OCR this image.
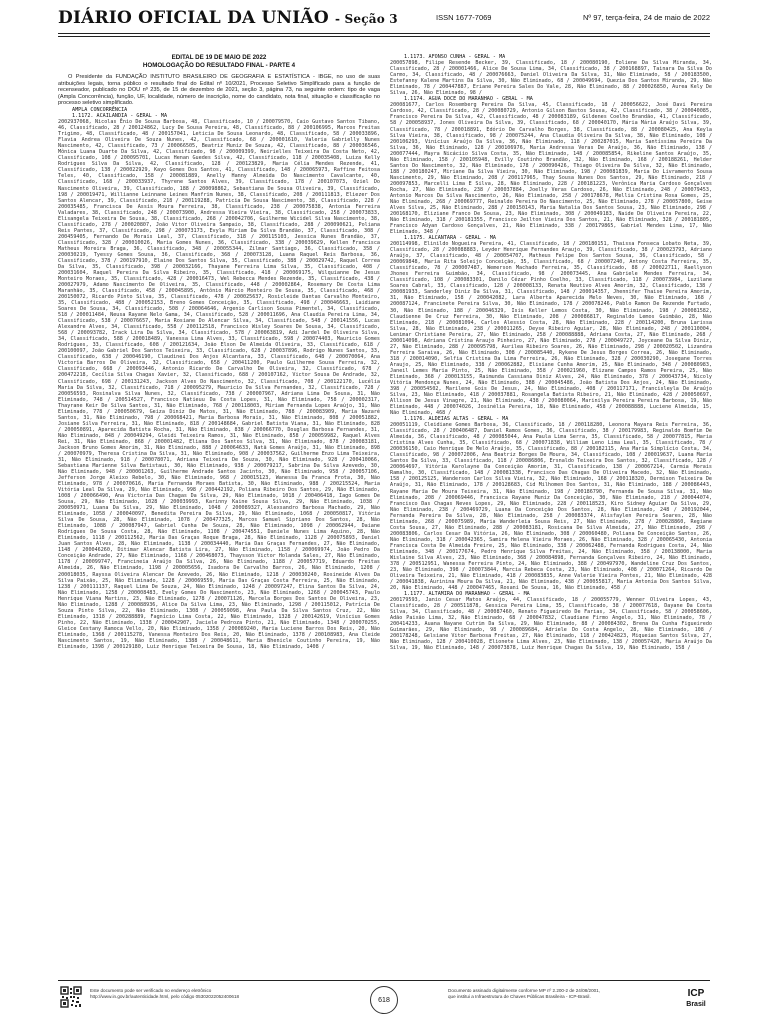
DIÁRIO OFICIAL DA UNIÃO - Seção 3	ISSN 1677-7069	Nº 97, terça-feira, 24 de maio de 2022
EDITAL DE 19 DE MAIO DE 2022
HOMOLOGAÇÃO DO RESULTADO FINAL - PARTE 4

O Presidente da FUNDAÇÃO INSTITUTO BRASILEIRO DE GEOGRAFIA E ESTATÍSTICA - IBGE, no uso de suas atribuições legais, torna público o resultado final do Edital nº 10/2021, Processo Seletivo Simplificado para a função de recenseador, publicado no DOU nº 235, de 15 de dezembro de 2021, seção 3, página 73, na seguinte ordem: tipo de vaga (Ampla Concorrência), função, UF, localidade, número de inscrição, nome do candidato, nota final, situação e classificação no processo seletivo simplificado.

AMPLA CONCORRÊNCIA
1.1172. ACAILANDIA - GERAL - MA

2002937068, Nicolas Ênio De Sousa Barbosa, 48, Classificado, 10 / 200079570, Caio Gustavo Santos Tibano, 46, Classificado, 28 / 200124862, Lucy De Sousa Pereira, 48, Classificado, 88 / 200106995, Marcos Freitas Trigimo, 48, Classificado, 48 / 200157041, Leticia De Sousa Leonardo, 48, Classificado, 58 / 200033896, Flavia Andrea Oliveira De Souza Nunes, 42, Classificado, 68 / 200001610, Valeria Gabrielly Nunes Nascimento, 42, Classificado, 73 / 200066505, Beatriz Muniz De Souza, 42, Classificado, 88 / 200036546, Mônica Luana Duarte Da Silva, 42, Classificado, 98 / 200009399, Neirielles Teixeira Da Costa Neto, 42, Classificado, 108 / 200095701, Lucas Henan Guedes Silva, 42, Classificado, 118 / 200035408, Luiza Kelly Rodrigues Silva Da Silva, 42, Classificado, 128 / 200123829, Maria Célia Mendes Rezende, 41, Classificado, 138 / 200022929, Kayo Gomes Dos Santos, 41, Classificado, 148 / 200065973, Raffine Feitosa Teles, 40, Classificado, 158 / 200081889, Anelly Hanny Almeida Do Nascimento Cavalcante, 40, Classificado, 168 / 200033937, Thyrene Santos Alves, 39, Classificado, 178 / 200107073, Oziel Do Nascimento Oliveira, 39, Classificado, 188 / 200098862, Sebastiana De Sousa Oliveira, 39, Classificado, 198 / 200019471, Willianne Leinnane Leines Manfrim Nunes, 38, Classificado, 208 / 200111813, Eliezer Dos Santos Alencar, 39, Classificado, 218 / 200119288, Patricia De Sousa Nascimento, 38, Classificado, 228 / 200035485, Francisca De Assis Moura Ferreira, 38, Classificado, 238 / 200075838, Antonia Ferreira Valadares, 38, Classificado, 248 / 200073900, Andressa Vieira Vieira, 38, Classificado, 258 / 200073833, Elisangela Teixeira De Sousa, 38, Classificado, 268 / 200042706, Guilherme Wicidel Silva Nascimento, 38, Classificado, 278 / 200020807, João Vitor Oliveira Sampaio, 38, Classificado, 288 / 200090621, Poliana Reis Pantes, 37, Classificado, 298 / 200073173, Evyla Miriam Da Silva Brandão, 37, Classificado, 308 / 200459405, Fernando De Morais Leal, 37, Classificado, 318 / 200115103, Jessica Nunes Brandão, 37, Classificado, 328 / 200010026, Maria Gomes Nunes, 36, Classificado, 338 / 200039629, Kellen Francisca Matheus Moreira Braga, 36, Classificado, 348 / 200055344, Zilmar Santiago, 36, Classificado, 358 / 200030219, Tyessy Gomes Sousa, 36, Classificado, 368 / 200073128, Luana Raquel Reis Barbosa, 36, Classificado, 378 / 200197910, Elaine Dos Santos Silva, 35, Classificado, 388 / 200029742, Raquel Correa Da Silva, 35, Classificado, 398 / 200032166, Thayane Ferreira Lima Silva, 35, Classificado, 408 / 200031604, Raquel Pereira Da Silva Ribeiro, 35, Classificado, 418 / 200069175, Wilquianne De Jesus Monteiro Moraes, 35, Classificado, 428 / 200016473, Wel Rebecca Mendes Rezende, 35, Classificado, 438 / 200027979, Adamo Nascimento De Oliveira, 35, Classificado, 448 / 200002864, Rosemary De Costa Lima Maranhão, 35, Classificado, 458 / 200045895, Antônio Márcio Monteiro De Sousa, 35, Classificado, 468 / 200150072, Ricardo Pinto Silva, 35, Classificado, 478 / 200025637, Rosicleide Dantas Carvalho Monteiro, 35, Classificado, 488 / 200052153, Breno Gomes Conceição, 35, Classificado, 498 / 200046663, Laidiane Soares De Sousa, 34, Classificado, 508 / 200064646, Argenio Carlison Sousa Pimentel, 34, Classificado, 518 / 200011484, Neusa Rayane Nelo Gama, 34, Classificado, 528 / 200011696, Ana Claudia Pereira Lima, 34, Classificado, 538 / 200076657, Maria Rosiane Do Alencar Silva, 34, Classificado, 548 / 200141556, Lucas Alexandre Alves, 34, Classificado, 558 / 200112518, Francisco Wisley Soares De Sousa, 34, Classificado, 568 / 200093782, Irack Lira Da Silva, 34, Classificado, 578 / 200063819, Adi Jardel De Oliveira Silva, 34, Classificado, 588 / 200018489, Vanessa Lima Alves, 33, Classificado, 598 / 200074403, Mauricio Gomes Rodrigues, 33, Classificado, 608 / 200121634, João Elson De Almeida Oliveira, 33, Classificado, 618 / 200100097, João Gabriel Dos Santos Teixeira, 33, Classificado, 628 / 200037896, Rodrigo Nunes Santos, 33, Classificado, 638 / 200046190, Claudinei Dos Anjos Alcantara, 33, Classificado, 648 / 200070064, Ana Victoria Barros De Oliveira, 32, Classificado, 658 / 200411200, Paulo Guilherme Sousa Ferreira, 32, Classificado, 668 / 200093446, Antonio Ricardo De Carvalho De Oliveira, 32, Classificado, 678 / 200472218, Cecília Silva Chagas Xavier, 32, Classificado, 688 / 200107162, Victor Sousa De Andrade, 32, Classificado, 698 / 200131243, Jackson Alves Do Nascimento, 32, Classificado, 708 / 200122170, Lucélia Maria Da Silva, 32, Classificado, 718 / 200095279, Mauricio Da Silva Fernandes, 32, Classificado, 728 / 200056593, Rosinalva Silva Nunes, 32, Classificado, 738 / 200007967, Adriana Lima De Sousa, 31, Não Eliminado, 748 / 200514527, Francisco Natieuu Da Costa Lopes, 31, Não Eliminado, 758 / 200002317, Thayrane Keir De Silva Santos, 31, Não Eliminado, 768 / 200118003, Miriam Fernanda Lopes Araújo, 31, Não Eliminado, 778 / 200050679, Geiza Diniz De Matos, 31, Não Eliminado, 788 / 200083909, Maria Nazaré Santos, 31, Não Eliminado, 798 / 200068421, Maria Barbosa Morais, 31, Não Eliminado, 808 / 200051882, Josiane Silva Ferreira, 31, Não Eliminado, 818 / 200148684, Gabriel Batista Viana, 31, Não Eliminado, 828 / 200050891, Aparecida Batista Rocha, 31, Não Eliminado, 838 / 200066770, Douglas Barbosa Fernandes, 31, Não Eliminado, 848 / 200049294, Gleidi Teixeira Ramos, 31, Não Eliminado, 858 / 200059982, Raquel Alves Rei, 31, Não Eliminado, 868 / 200001482, Eliana Dos Santos Silva, 31, Não Eliminado, 878 / 200083181, Jackson Bruno Gomes Amorim, 31, Não Eliminado, 888 / 200064633, Natã Gomes Araújo, 31, Não Eliminado, 898 / 200070979, Theresa Cristina Da Silva, 31, Não Eliminado, 908 / 200037562, Guilherme Enzo Lima Teixeira, 31, Não Eliminado, 918 / 200078071, Adriana Teixeira De Souza, 30, Não Eliminado, 928 / 200410066, Sebastiana Marienne Silva Batistaui, 30, Não Eliminado, 938 / 200079217, Sabrina Da Silva Azevedo, 30, Não Eliminado, 948 / 200001263, Guilherme Andrade Santos Jacinto, 30, Não Eliminado, 958 / 200057106, Jefferson Jorge Aleixo Rebelo, 30, Não Eliminado, 968 / 200015123, Wanessa Da Franca Frota, 30, Não Eliminado, 978 / 200070616, Maria Fernanda Moraes Batista, 30, Não Eliminado, 988 / 200215524, Maria Vitória Leal Da Silva, 29, Não Eliminado, 998 / 200442192, Poliana Ribeiro Dos Santos, 29, Não Eliminado, 1008 / 200066490, Ana Victoria Das Chagas Da Silva, 29, Não Eliminado, 1018 / 200406418, Iago Gomes De Sousa, 29, Não Eliminado, 1028 / 200039993, Karinny Kaine Sousa Silva, 29, Não Eliminado, 1038 / 200050971, Luana Da Silva, 29, Não Eliminado, 1048 / 200089327, Alexsandro Barbosa Machado, 29, Não Eliminado, 1058 / 200040097, Benedita Pereira Da Silva, 29, Não Eliminado, 1068 / 200050817, Vitória Silva De Sousa, 28, Não Eliminado, 1078 / 200477325, Marcos Samuel Sipriano Dos Santos, 28, Não Eliminado, 1088 / 200087947, Gabriel Cunha De Souza, 28, Não Eliminado, 1098 / 200062944, Daiane Rodrigues De Sousa Costa, 28, Não Eliminado, 1108 / 200474551, Daniele Nunes Lima Aquino, 28, Não Eliminado, 1118 / 200112562, Maria Das Graças Roque Braga, 28, Não Eliminado, 1128 / 200075893, Daniel Juan Santos Alves, 28, Não Eliminado, 1138 / 200034440, Maria Das Graças Fernandes, 27, Não Eliminado, 1148 / 200046260, Ditimar Alencar Batista Lira, 27, Não Eliminado, 1158 / 200069974, João Pedro Da Conceição Andrade, 27, Não Eliminado, 1168 / 200468073, Thaysson Victor Holanda Sales, 27, Não Eliminado, 1178 / 200099747, Francineia Araújo Da Silva, 26, Não Eliminado, 1188 / 200057719, Eduardo Freitas Almeida, 26, Não Eliminado, 1198 / 200005656, Isadora De Carvalho Barros, 26, Não Eliminado, 1208 / 200018035, Rayssa Oliveira Alencar De Azevedo, 26, Não Eliminado, 1218 / 200030240, Rosineide Alves Da Silva Paixão, 25, Não Eliminado, 1228 / 200069559, Maria Das Graças Costa Ferreira, 25, Não Eliminado, 1238 / 200111137, Raquel Lima De Souza, 24, Não Eliminado, 1248 / 200097247, Elina Santos Da Silva, 24, Não Eliminado, 1258 / 200008483, Evely Gomes Do Nascimento, 23, Não Eliminado, 1268 / 200045743, Paulo Henrique Viana Martins, 23, Não Eliminado, 1278 / 200071126, Marcela Borges Dos Santos De Oliveira, 23, Não Eliminado, 1288 / 200088936, Alice Da Silva Lima, 23, Não Eliminado, 1298 / 200115012, Patrícia De Souza Pinto Silva, 22, Não Eliminado, 1308 / 200059098, Ana Paula Da Silva Santos Cruz, 22, Não Eliminado, 1318 / 200288889, Fagnício Lima Costa, 22, Não Eliminado, 1328 / 200142619, Vinícius Gomes Pinho, 22, Não Eliminado, 1338 / 200042907, Jaciele Pedroza Pinto, 21, Não Eliminado, 1348 / 200070255, Gleice Cestany Ramoca Vello, 20, Não Eliminado, 1358 / 200089240, Maria Luciene Barros Dos Reis, 20, Não Eliminado, 1368 / 200115278, Vanessa Monteiro Dos Reis, 20, Não Eliminado, 1378 / 200108983, Ana Cleide Nascimento Santos, 19, Não Eliminado, 1388 / 200048611, Maria Bhenicle Coutinho Pereira, 19, Não Eliminado, 1398 / 200129180, Luiz Henrique Teixeira De Sousa, 18, Não Eliminado, 1408 /

1.1173. AFONSO CUNHA - GERAL - MA

200057898, Filipe Resende Becker, 39, Classificado, 18 / 200080190, Eoliene Da Silva Miranda, 34, Classificado, 28 / 200001466, Alice De Sousa Lima, 34, Classificado, 38 / 200168897, Tainara Da Silva Do Carmo, 34, Classificado, 48 / 200076663, Daniel Oliveira Da Silva, 31, Não Eliminado, 58 / 200183500, Estefanny Kalene Martins Da Silva, 30, Não Eliminado, 68 / 200049694, Quezia Dos Santos Miranda, 29, Não Eliminado, 78 / 200447887, Eriane Pereira Sales Do Vale, 28, Não Eliminado, 88 / 200026850, Aurea Kely De Silva, 26, Não Eliminado, 98 /

1.1174. AGUA DOCE DO MARANHAO - GERAL - MA

200081677, Carlos Rosemberg Pereira Da Silva, 45, Classificado, 18 / 200056622, José Davi Pereira Cardoso, 42, Classificado, 28 / 200080729, Antonio Gilson Bastos Sousa, 42, Classificado, 38 / 200040085, Francisco Pereira Da Silva, 42, Classificado, 48 / 200083189, Gildenes Coelho Brandão, 41, Classificado, 58 / 200058937, Jones Oliveira Da Silva, 39, Classificado, 68 / 200040170, Mária Mária Araújo Silva, 39, Classificado, 78 / 200018891, Edório De Carvalho Borges, 38, Classificado, 88 / 200080425, Ana Keyla Silva Vieira, 38, Classificado, 98 / 200075244, Ana Claudia Oliveira Da Silva, 38, Não Eliminado, 108 / 200106293, Vinícius Araújo Da Silva, 36, Não Eliminado, 118 / 200287015, Maria Santíssima Pereira Da Silva, 36, Não Eliminado, 128 / 200106976, Maria Andressa Veras De Araújo, 36, Não Eliminado, 138 / 200077444, Mayra Nicáciio Silva Costa, 35, Não Eliminado, 148 / 200085854, Rikeline Santos Araújo, 35, Não Eliminado, 158 / 200105948, Evilly Coutinho Brandão, 32, Não Eliminado, 168 / 200188261, Helder Santos Do Nascimento, 32, Não Eliminado, 178 / 200090426, Thiago Oliveira Da Silva, 32, Não Eliminado, 188 / 200180247, Miriane Da Silva Vieira, 30, Não Eliminado, 198 / 200081839, Maria Do Livramento Sousa Nascimento, 29, Não Eliminado, 208 / 200117965, Thay Sousa Nunes Dos Santos, 29, Não Eliminado, 218 / 200097853, Marcelli Lima E Silva, 28, Não Eliminado, 228 / 200181223, Verônica Maria Cardoso Gonçalves Rocha, 27, Não Eliminado, 238 / 200037884, Joelly Veras Cardoso, 26, Não Eliminado, 248 / 200079453, Antonio Marcos Da Silva Nascimento, 26, Não Eliminado, 258 / 200178678, Mellia Cristina Rosa Gomes, 25, Não Eliminado, 268 / 200069777, Reinaldo Pereira Do Nascimento, 25, Não Eliminado, 278 / 200057800, Geise Alves Silva, 25, Não Eliminado, 288 / 200150143, Maria Natalia Dos Santos Sousa, 23, Não Eliminado, 298 / 200168170, Eliziane Franco De Sousa, 23, Não Eliminado, 308 / 200049183, Naide De Oliveira Pereira, 22, Não Eliminado, 318 / 200181355, Francisco Jeilton Vieira Dos Santos, 21, Não Eliminado, 328 / 200181805, Francisco Adyan Cardoso Gonçalves, 21, Não Eliminado, 338 / 200179865, Gabriel Mendes Lima, 17, Não Eliminado, 348 /

1.1175. ALCANTARA - GERAL - MA

200114998, Elinildo Nogueira Pereira, 41, Classificado, 18 / 200180151, Thaissa Fonseca Lobato Neta, 39, Classificado, 28 / 200088883, Leyder Henrique Fernandes Araujo, 39, Classificado, 38 / 200023793, Adriano Araújo, 37, Classificado, 48 / 200054707, Matheus Felipe Dos Santos Sousa, 36, Classificado, 58 / 200069848, Maria Rita Soleijo Conceição, 35, Classificado, 68 / 200007240, Antony Costa Ferreira, 35, Classificado, 78 / 200007487, Wemerson Machado Ferreira, 35, Classificado, 88 / 200022711, Raellyson Jhones Ferreira Guimbão, 34, Classificado, 98 / 200073445, Ana Gabriele Mendes Ferreira, 34, Classificado, 108 / 200083301, Danilo Cézar Pinho Coelho, 33, Classificado, 118 / 200073984, Luzilane Soares Cabral, 33, Classificado, 128 / 200008133, Renata Neutivo Alves Amorim, 32, Classificado, 138 / 200081933, Sanderley Diniz Da Silva, 31, Classificado, 148 / 200014357, Jhennifer Thaise Pereira Amorim, 31, Não Eliminado, 158 / 200042082, Lara Alberta Aparecida Melo Neves, 30, Não Eliminado, 168 / 200087124, Francinete Pereira Silva, 30, Não Eliminado, 178 / 200078246, Pablo Ramon De Rezende Furtado, 30, Não Eliminado, 188 / 200046329, Isis Keller Lemos Costa, 30, Não Eliminado, 198 / 200081582, Claudienne De Cruz Ferreira, 30, Não Eliminado, 208 / 200086817, Reginaldo Lemos Guimbão, 28, Não Eliminado, 218 / 200081094, Carlos Alessio Costa, 28, Não Eliminado, 228 / 200114200, Bruna Larissa Silva, 28, Não Eliminado, 238 / 200011265, Deyse Ribeiro Aguiar, 28, Não Eliminado, 248 / 200110004, Lenimar Christiane Pereira, 27, Não Eliminado, 258 / 200088888, Adriana Costa, 27, Não Eliminado, 268 / 200014098, Adriana Cristina Araujo Pinheiro, 27, Não Eliminado, 278 / 200049727, Joyceane Da Silva Diniz, 27, Não Eliminado, 288 / 200095798, Aurilea Ribeiro Soares, 26, Não Eliminado, 298 / 200020502, Lizandra Ferreira Saraiva, 26, Não Eliminado, 308 / 200085440, Rykene De Jesus Borges Correa, 26, Não Eliminado, 318 / 200014090, Selfia Cristina Da Lima Ferreira, 26, Não Eliminado, 328 / 200030290, Josegane Torres Araujo, 25, Não Eliminado, 338 / 200062882, Elisiane Cunha Amorim, 25, Não Eliminado, 348 / 200080983, Janeil Lemes Maria Pinto, 25, Não Eliminado, 358 / 200021960, Elizane Campos Ramos Pereira, 25, Não Eliminado, 368 / 200013155, Raimunda Cassiana Diniz Alves, 24, Não Eliminado, 378 / 200043734, Nicoly Vitória Mendonça Nunes, 24, Não Eliminado, 388 / 200045486, João Batista Dos Anjos, 24, Não Eliminado, 398 / 200054502, Marilene Gois De Jesus, 24, Não Eliminado, 408 / 200117171, Francisleyla De Araújo Silva, 23, Não Eliminado, 418 / 200037881, Rosangela Batista Ribeiro, 21, Não Eliminado, 428 / 200050697, Allison De Jesus Vinagre, 21, Não Eliminado, 438 / 200080064, Marinilya Pereira Pereira Barbosa, 19, Não Eliminado, 448 / 200074026, Josinélia Pereira, 18, Não Eliminado, 458 / 200088888, Luciene Almeida, 15, Não Eliminado, 468 /

1.1176. ALDEIAS ALTAS - GERAL - MA

200051119, Cleidiane Gomes Barbosa, 36, Classificado, 18 / 200118280, Leonora Mayara Reis Ferreira, 36, Classificado, 28 / 200406487, Daniel Ramos Gomes, 36, Classificado, 38 / 200179983, Reginaldo Bomfim De Almeida, 36, Classificado, 48 / 200085044, Ana Paula Lima Serra, 35, Classificado, 58 / 200077815, Maria Cristina Alves Cunha, 35, Classificado, 68 / 200071838, William Leno Lima Leal, 35, Classificado, 78 / 200036150, Caio Henrique De Melo Araújo, 35, Classificado, 88 / 200182115, Ana Maria Simplício Costa, 34, Classificado, 98 / 200072006, Ana Beatriz Borges De Moura, 34, Classificado, 108 / 200019637, Luana Maria Santos Da Silva, 33, Classificado, 118 / 200086806, Ersnaldo Teixeira Dos Santos, 32, Classificado, 128 / 200064697, Vitória Karolayne Da Conceição Amorim, 31, Classificado, 138 / 200067214, Carmia Morais Ramalho, 30, Classificado, 148 / 200081338, Francisco Das Chagas De Oliveira Macedo, 32, Não Eliminado, 158 / 200125125, Wanderson Carlos Silva Vieira, 32, Não Eliminado, 168 / 200118320, Dermison Teixeira De Araújo, 31, Não Eliminado, 178 / 200128683, Cid Milhomen Dos Santos, 31, Não Eliminado, 188 / 200086443, Rayane Maria De Moura Teixeira, 31, Não Eliminado, 198 / 200186790, Fernanda De Sousa Silva, 31, Não Eliminado, 208 / 200069446, Francisca Rayane Muniz Da Conceição, 30, Não Eliminado, 218 / 200044074, Francisco Das Chagas Neves Lopes, 29, Não Eliminado, 228 / 200118523, Kiro Sidney Aguiar Da Silva, 29, Não Eliminado, 238 / 200469729, Luana Da Conceição Dos Santos, 28, Não Eliminado, 248 / 200192044, Fernanda Pereira Da Silva, 28, Não Eliminado, 258 / 200083374, Alisfaylen Pereira Soares, 28, Não Eliminado, 268 / 200075989, Maria Wanderleia Sousa Reis, 27, Não Eliminado, 278 / 200028860, Regiane Costa Sousa, 27, Não Eliminado, 288 / 200083181, Rosicana De Silva Almeida, 27, Não Eliminado, 298 / 200083806, Carlos Cesar Da Vitória, 26, Não Eliminado, 308 / 200060480, Poliana De Conceição Santos, 26, Não Eliminado, 318 / 200042365, Samira Helena Vieira Moraes, 26, Não Eliminado, 328 / 200065430, Antonia Francisca Costa De Almeida Freire, 25, Não Eliminado, 338 / 200062488, Fernanda Rodrigues Costa, 24, Não Eliminado, 348 / 200177674, Pedro Henrique Silva Freitas, 24, Não Eliminado, 358 / 200138000, Maria Wislaine Silva Alves, 23, Não Eliminado, 368 / 200084898, Fernanda Gonçalves Ribeiro, 24, Não Eliminado, 378 / 200512951, Wanessa Ferreira Pinto, 24, Não Eliminado, 388 / 200497970, Wandeline Cruz Dos Santos, 23, Não Eliminado, 398 / 200073844, Marcia Rebeca Costa, 23, Não Eliminado, 408 / 200071264, Ricardo De Oliveira Teixeira, 21, Não Eliminado, 418 / 200083835, Anne Valerie Vieira Pontes, 21, Não Eliminado, 428 / 200041838, Aurinina Moura Da Silva, 21, Não Eliminado, 438 / 200055817, Maria Antonia Dos Santos Silva, 20, Não Eliminado, 448 / 200047465, Rosani De Sousa, 16, Não Eliminado, 458 /

1.1177. ALTAMIRA DO MARANHAO - GERAL - MA

200179593, Janio Cesar Matos Araújo, 44, Classificado, 18 / 200055779, Wenner Oliveira Lopes, 43, Classificado, 28 / 200511878, Gessica Pereira Lima, 35, Classificado, 38 / 200077618, Dayane Da Costa Silva, 34, Classificado, 48 / 200087460, Renato Figueiredo De Farias, 34, Classificado, 58 / 200058606, Adão Paixão Lima, 32, Não Eliminado, 68 / 200047832, Claudiane Firmo Angelo, 31, Não Eliminado, 78 / 200414233, Auana Nayane Cutrim Da Silva, 29, Não Eliminado, 88 / 200084302, Brena Da Cunha Figueiredo Guimarães, 29, Não Eliminado, 98 / 200089684, Adriele Do Costa Angelo, 28, Não Eliminado, 108 / 200178248, Gelsiane Vitor Barbosa Freitas, 27, Não Eliminado, 118 / 200424823, Miqueias Santos Silva, 27, Não Eliminado, 128 / 200410028, Elionete Lima Alves, 23, Não Eliminado, 138 / 200057420, Maria Araújo Da Silva, 19, Não Eliminado, 148 / 200073878, Luiz Henrique Chagas Da Silva, 19, Não Eliminado, 158 /

Este documento pode ser verificado no endereço eletrônico
http://www.in.gov.br/autenticidade.html, pelo código 05302022052400618	618
Documento assinado digitalmente conforme MP nº 2.200-2 de 24/08/2001,
que institui a Infraestrutura de Chaves Públicas Brasileira - ICP-Brasil.	ICP
Brasil
